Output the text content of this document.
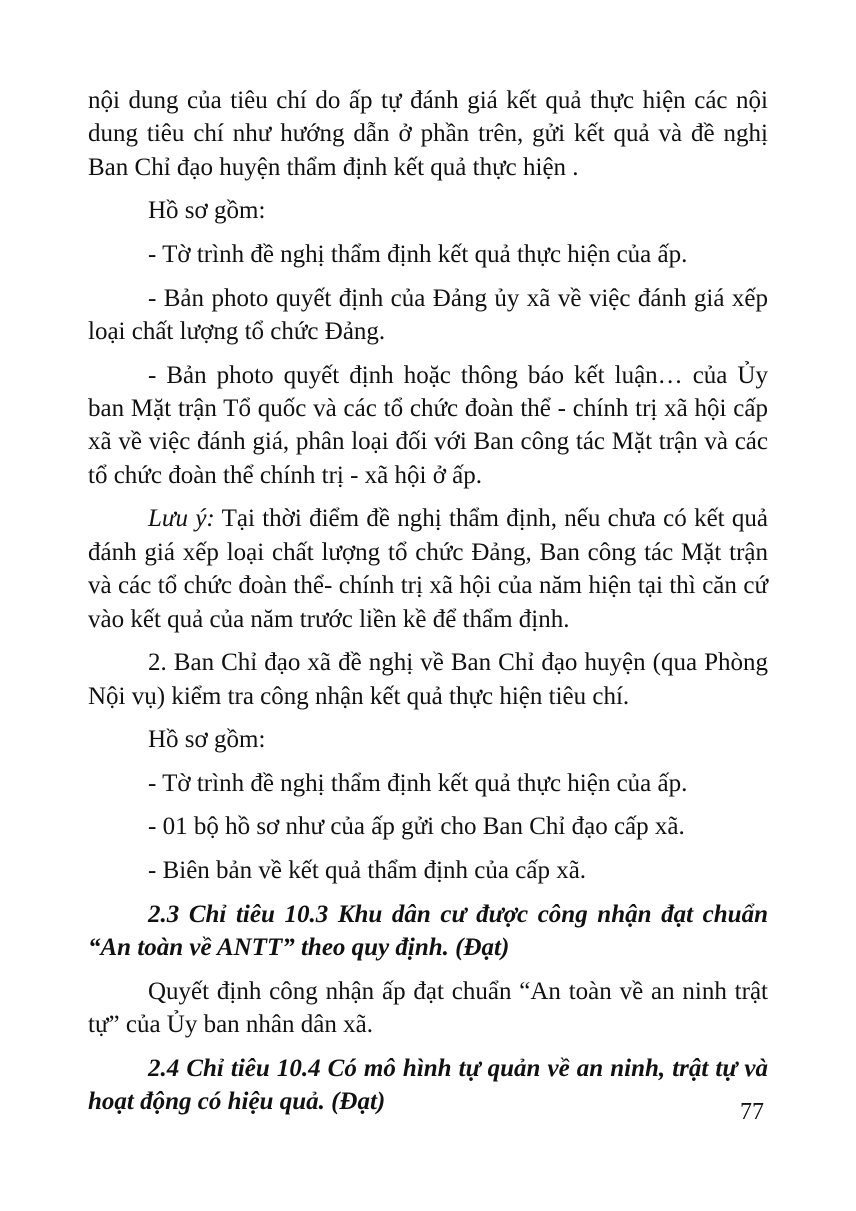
nội dung của tiêu chí do ấp tự đánh giá kết quả thực hiện các nội dung tiêu chí như hướng dẫn ở phần trên, gửi kết quả và đề nghị Ban Chỉ đạo huyện thẩm định kết quả thực hiện .

Hồ sơ gồm:

- Tờ trình đề nghị thẩm định kết quả thực hiện của ấp.

- Bản photo quyết định của Đảng ủy xã về việc đánh giá xếp loại chất lượng tổ chức Đảng.

- Bản photo quyết định hoặc thông báo kết luận… của Ủy ban Mặt trận Tổ quốc và các tổ chức đoàn thể - chính trị xã hội cấp xã về việc đánh giá, phân loại đối với Ban công tác Mặt trận và các tổ chức đoàn thể chính trị - xã hội ở ấp.

Lưu ý: Tại thời điểm đề nghị thẩm định, nếu chưa có kết quả đánh giá xếp loại chất lượng tổ chức Đảng, Ban công tác Mặt trận và các tổ chức đoàn thể- chính trị xã hội của năm hiện tại thì căn cứ vào kết quả của năm trước liền kề để thẩm định.

2. Ban Chỉ đạo xã đề nghị về Ban Chỉ đạo huyện (qua Phòng Nội vụ) kiểm tra công nhận kết quả thực hiện tiêu chí.

Hồ sơ gồm:

- Tờ trình đề nghị thẩm định kết quả thực hiện của ấp.

- 01 bộ hồ sơ như của ấp gửi cho Ban Chỉ đạo cấp xã.

- Biên bản về kết quả thẩm định của cấp xã.

2.3 Chỉ tiêu 10.3 Khu dân cư được công nhận đạt chuẩn “An toàn về ANTT” theo quy định. (Đạt)

Quyết định công nhận ấp đạt chuẩn “An toàn về an ninh trật tự” của Ủy ban nhân dân xã.

2.4 Chỉ tiêu 10.4 Có mô hình tự quản về an ninh, trật tự và hoạt động có hiệu quả. (Đạt)	77
